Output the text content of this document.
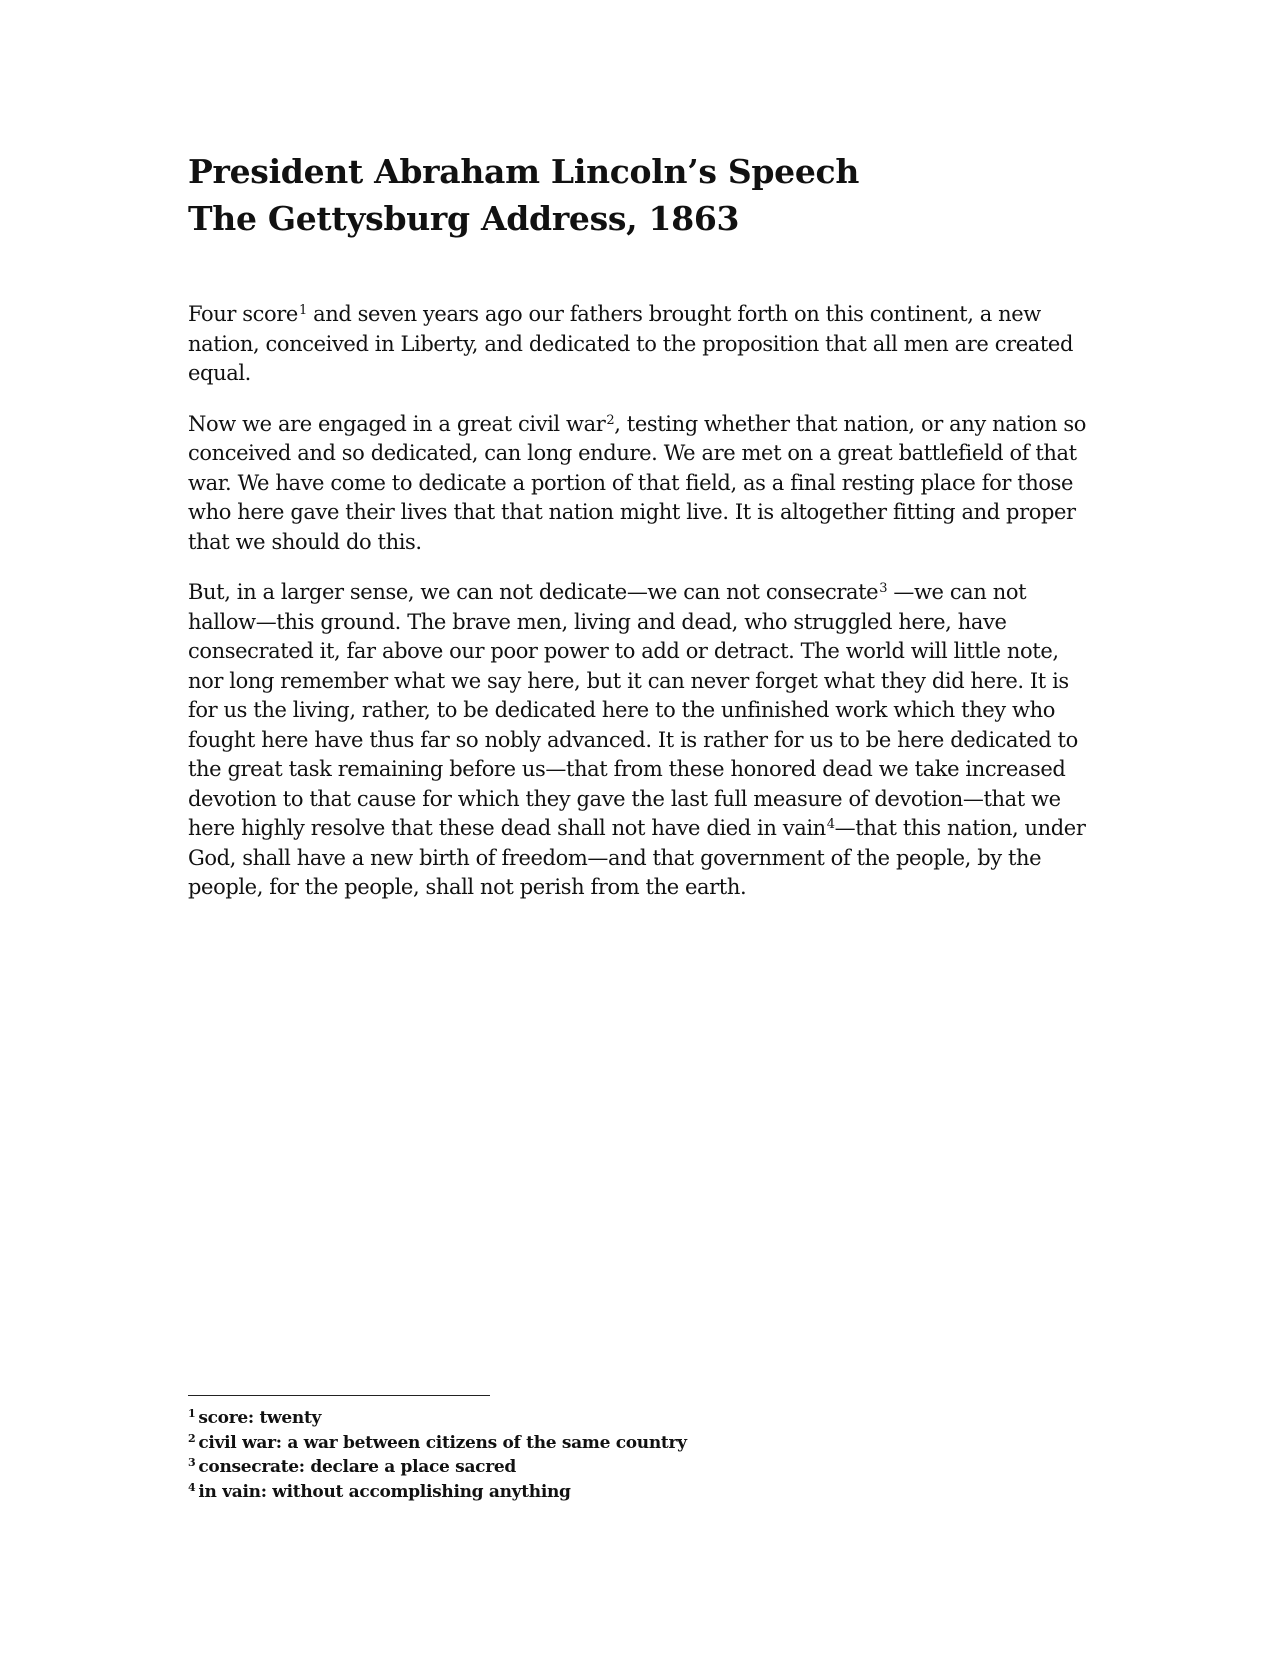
President Abraham Lincoln’s Speech
The Gettysburg Address, 1863

Four score$^1$ and seven years ago our fathers brought forth on this continent, a new nation, conceived in Liberty, and dedicated to the proposition that all men are created equal.

Now we are engaged in a great civil war$^2$, testing whether that nation, or any nation so conceived and so dedicated, can long endure. We are met on a great battlefield of that war. We have come to dedicate a portion of that field, as a final resting place for those who here gave their lives that that nation might live. It is altogether fitting and proper that we should do this.

But, in a larger sense, we can not dedicate—we can not consecrate$^3$ —we can not hallow—this ground. The brave men, living and dead, who struggled here, have consecrated it, far above our poor power to add or detract. The world will little note, nor long remember what we say here, but it can never forget what they did here. It is for us the living, rather, to be dedicated here to the unfinished work which they who fought here have thus far so nobly advanced. It is rather for us to be here dedicated to the great task remaining before us—that from these honored dead we take increased devotion to that cause for which they gave the last full measure of devotion—that we here highly resolve that these dead shall not have died in vain$^4$—that this nation, under God, shall have a new birth of freedom—and that government of the people, by the people, for the people, shall not perish from the earth.

$^1$ score: twenty
$^2$ civil war: a war between citizens of the same country
$^3$ consecrate: declare a place sacred
$^4$ in vain: without accomplishing anything
